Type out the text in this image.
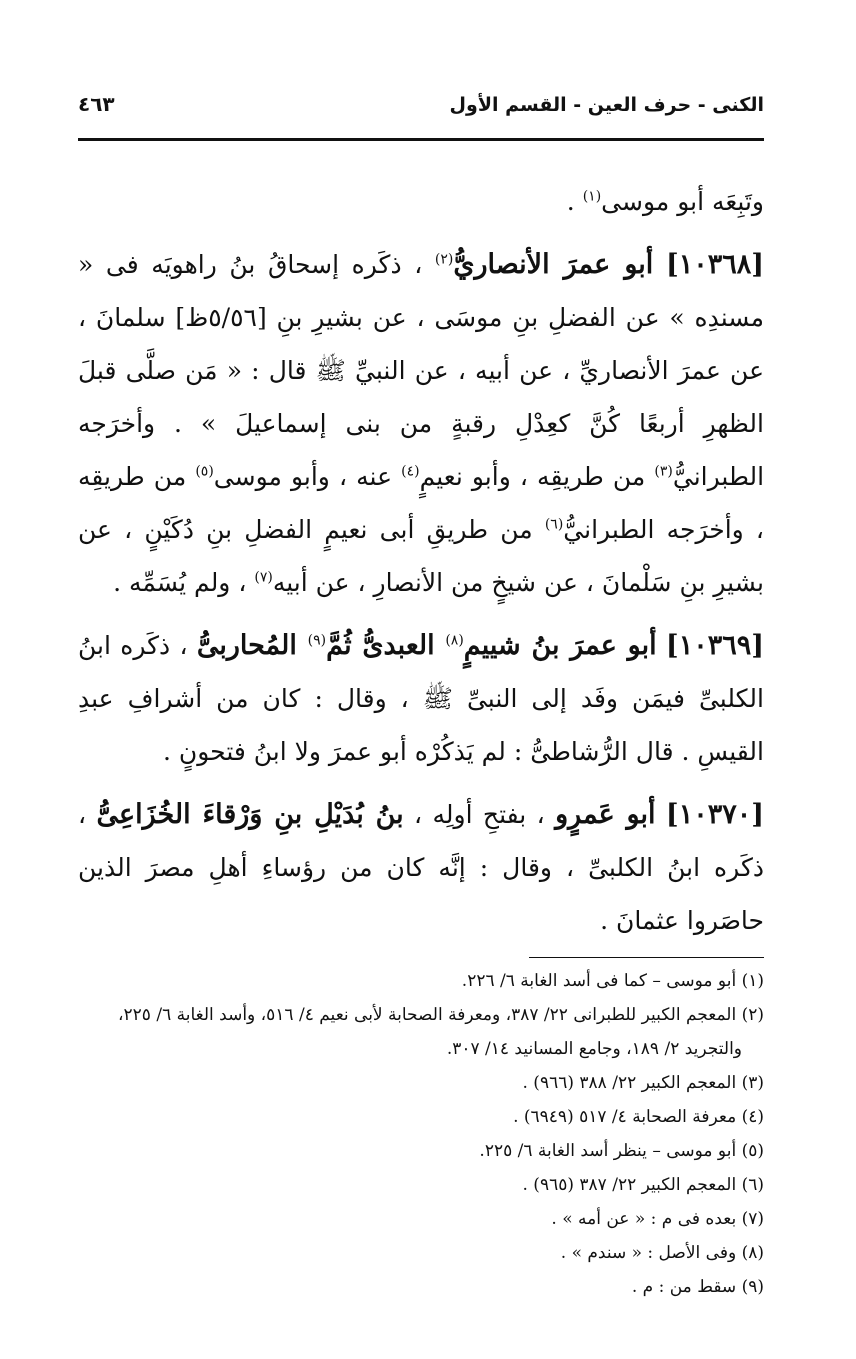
الكنى - حرف العين - القسم الأول
٤٦٣

وتَبِعَه أبو موسى$^{(١)}$ .

[١٠٣٦٨] أبو عمرَ الأنصاريُّ$^{(٢)}$ ، ذكَره إسحاقُ بنُ راهويَه فى « مسندِه » عن الفضلِ بنِ موسَى ، عن بشيرِ بنِ [٥/٥٦ظ] سلمانَ ، عن عمرَ الأنصاريِّ ، عن أبيه ، عن النبيِّ ﷺ قال : « مَن صلَّى قبلَ الظهرِ أربعًا كُنَّ كعِدْلِ رقبةٍ من بنى إسماعيلَ » . وأخرَجه الطبرانيُّ$^{(٣)}$ من طريقِه ، وأبو نعيمٍ$^{(٤)}$ عنه ، وأبو موسى$^{(٥)}$ من طريقِه ، وأخرَجه الطبرانيُّ$^{(٦)}$ من طريقِ أبى نعيمٍ الفضلِ بنِ دُكَيْنٍ ، عن بشيرِ بنِ سَلْمانَ ، عن شيخٍ من الأنصارِ ، عن أبيه$^{(٧)}$ ، ولم يُسَمِّه .

[١٠٣٦٩] أبو عمرَ بنُ شييمٍ$^{(٨)}$ العبدىُّ ثُمَّ$^{(٩)}$ المُحاربىُّ ، ذكَره ابنُ الكلبىِّ فيمَن وفَد إلى النبىِّ ﷺ ، وقال : كان من أشرافِ عبدِ القيسِ . قال الرُّشاطىُّ : لم يَذكُرْه أبو عمرَ ولا ابنُ فتحونٍ .

[١٠٣٧٠] أبو عَمرٍو ، بفتحِ أولِه ، بنُ بُدَيْلِ بنِ وَرْقاءَ الخُزَاعِىُّ ، ذكَره ابنُ الكلبىِّ ، وقال : إنَّه كان من رؤساءِ أهلِ مصرَ الذين حاصَروا عثمانَ .

(١) أبو موسى – كما فى أسد الغابة ٦/ ٢٢٦.
(٢) المعجم الكبير للطبرانى ٢٢/ ٣٨٧، ومعرفة الصحابة لأبى نعيم ٤/ ٥١٦، وأسد الغابة ٦/ ٢٢٥،
والتجريد ٢/ ١٨٩، وجامع المسانيد ١٤/ ٣٠٧.
(٣) المعجم الكبير ٢٢/ ٣٨٨ (٩٦٦) .
(٤) معرفة الصحابة ٤/ ٥١٧ (٦٩٤٩) .
(٥) أبو موسى – ينظر أسد الغابة ٦/ ٢٢٥.
(٦) المعجم الكبير ٢٢/ ٣٨٧ (٩٦٥) .
(٧) بعده فى م : « عن أمه » .
(٨) وفى الأصل : « سندم » .
(٩) سقط من : م .
